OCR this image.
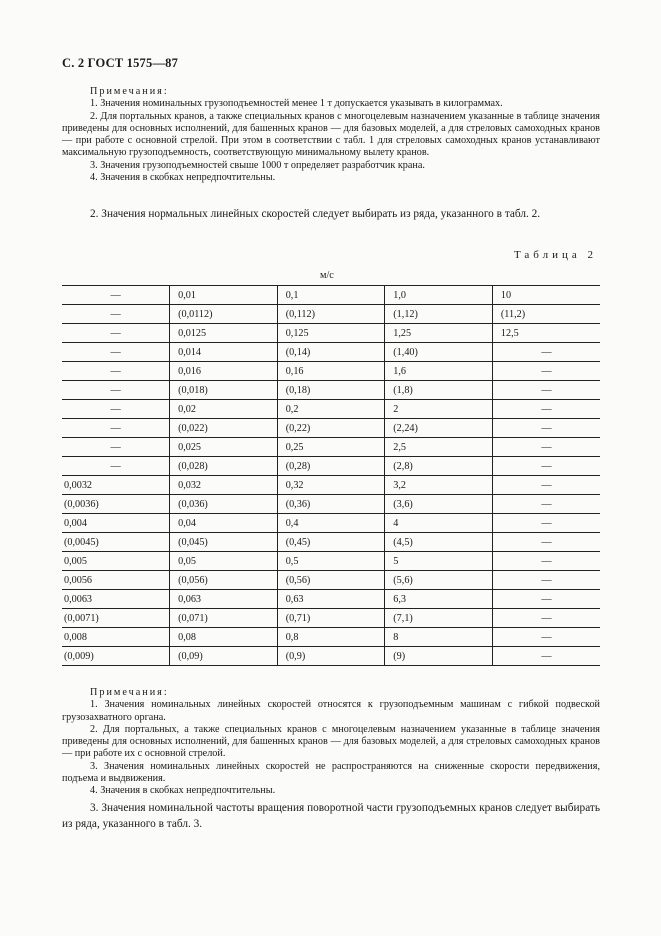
С. 2 ГОСТ 1575—87

Примечания:

1. Значения номинальных грузоподъемностей менее 1 т допускается указывать в килограммах.

2. Для портальных кранов, а также специальных кранов с многоцелевым назначением указанные в таблице значения приведены для основных исполнений, для башенных кранов — для базовых моделей, а для стреловых самоходных кранов — при работе с основной стрелой. При этом в соответствии с табл. 1 для стреловых самоходных кранов устанавливают максимальную грузоподъемность, соответствующую минимальному вылету кранов.

3. Значения грузоподъемностей свыше 1000 т определяет разработчик крана.

4. Значения в скобках непредпочтительны.

2. Значения нормальных линейных скоростей следует выбирать из ряда, указанного в табл. 2.

Таблица 2
м/с
—	0,01	0,1	1,0	10
—	(0,0112)	(0,112)	(1,12)	(11,2)
—	0,0125	0,125	1,25	12,5
—	0,014	(0,14)	(1,40)	—
—	0,016	0,16	1,6	—
—	(0,018)	(0,18)	(1,8)	—
—	0,02	0,2	2	—
—	(0,022)	(0,22)	(2,24)	—
—	0,025	0,25	2,5	—
—	(0,028)	(0,28)	(2,8)	—
0,0032	0,032	0,32	3,2	—
(0,0036)	(0,036)	(0,36)	(3,6)	—
0,004	0,04	0,4	4	—
(0,0045)	(0,045)	(0,45)	(4,5)	—
0,005	0,05	0,5	5	—
0,0056	(0,056)	(0,56)	(5,6)	—
0,0063	0,063	0,63	6,3	—
(0,0071)	(0,071)	(0,71)	(7,1)	—
0,008	0,08	0,8	8	—
(0,009)	(0,09)	(0,9)	(9)	—

Примечания:

1. Значения номинальных линейных скоростей относятся к грузоподъемным машинам с гибкой подвеской грузозахватного органа.

2. Для портальных, а также специальных кранов с многоцелевым назначением указанные в таблице значения приведены для основных исполнений, для башенных кранов — для базовых моделей, а для стреловых самоходных кранов — при работе их с основной стрелой.

3. Значения номинальных линейных скоростей не распространяются на сниженные скорости передвижения, подъема и выдвижения.

4. Значения в скобках непредпочтительны.

3. Значения номинальной частоты вращения поворотной части грузоподъемных кранов следует выбирать из ряда, указанного в табл. 3.
